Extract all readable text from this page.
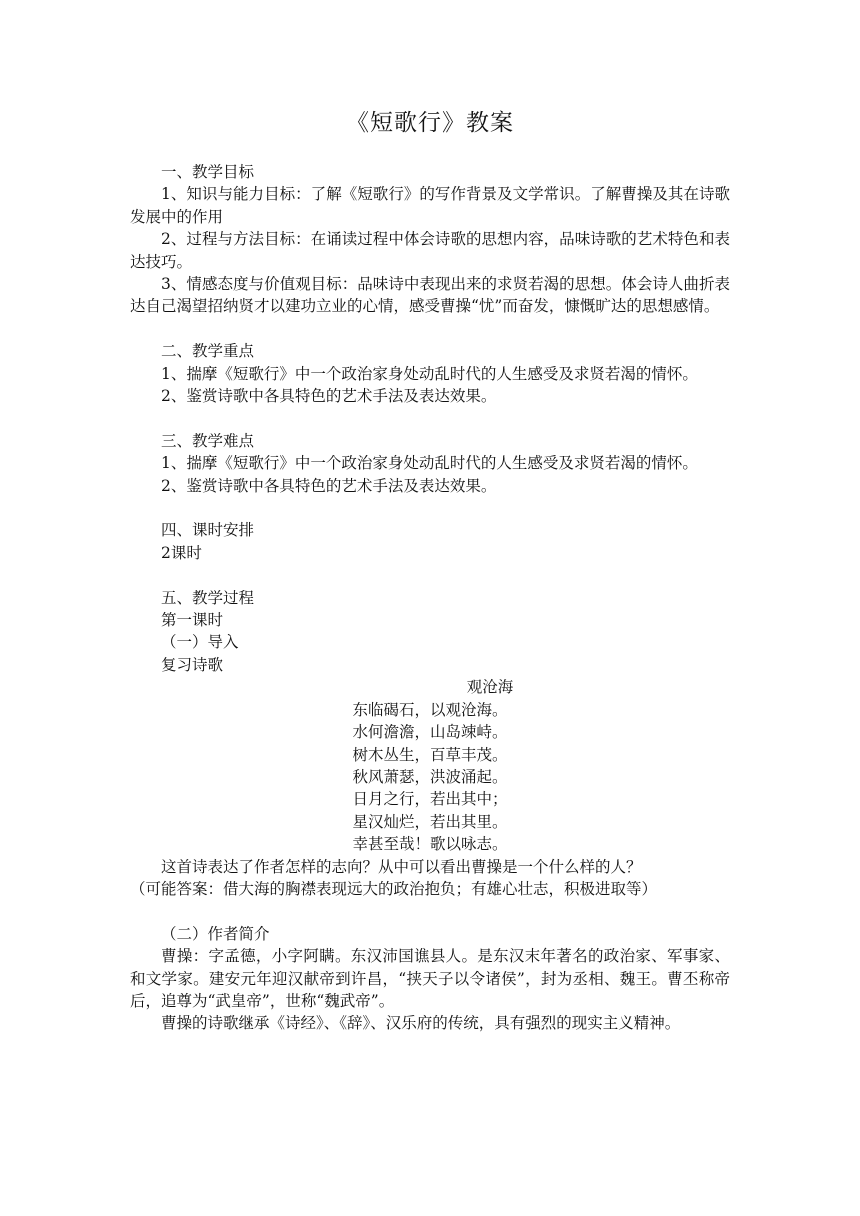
《短歌行》教案

一、教学目标

1、知识与能力目标：了解《短歌行》的写作背景及文学常识。了解曹操及其在诗歌发展中的作用

2、过程与方法目标：在诵读过程中体会诗歌的思想内容，品味诗歌的艺术特色和表达技巧。

3、情感态度与价值观目标：品味诗中表现出来的求贤若渴的思想。体会诗人曲折表达自己渴望招纳贤才以建功立业的心情，感受曹操“忧”而奋发，慷慨旷达的思想感情。

二、教学重点

1、揣摩《短歌行》中一个政治家身处动乱时代的人生感受及求贤若渴的情怀。

2、鉴赏诗歌中各具特色的艺术手法及表达效果。

三、教学难点

1、揣摩《短歌行》中一个政治家身处动乱时代的人生感受及求贤若渴的情怀。

2、鉴赏诗歌中各具特色的艺术手法及表达效果。

四、课时安排

2课时

五、教学过程

第一课时

（一）导入

复习诗歌

观沧海
东临碣石，以观沧海。
水何澹澹，山岛竦峙。
树木丛生，百草丰茂。
秋风萧瑟，洪波涌起。
日月之行，若出其中；
星汉灿烂，若出其里。
幸甚至哉！歌以咏志。

这首诗表达了作者怎样的志向？从中可以看出曹操是一个什么样的人？

（可能答案：借大海的胸襟表现远大的政治抱负；有雄心壮志，积极进取等）

（二）作者简介

曹操：字孟德，小字阿瞒。东汉沛国谯县人。是东汉末年著名的政治家、军事家、和文学家。建安元年迎汉献帝到许昌，“挟天子以令诸侯”，封为丞相、魏王。曹丕称帝后，追尊为“武皇帝”，世称“魏武帝”。

曹操的诗歌继承《诗经》、《辞》、汉乐府的传统，具有强烈的现实主义精神。
